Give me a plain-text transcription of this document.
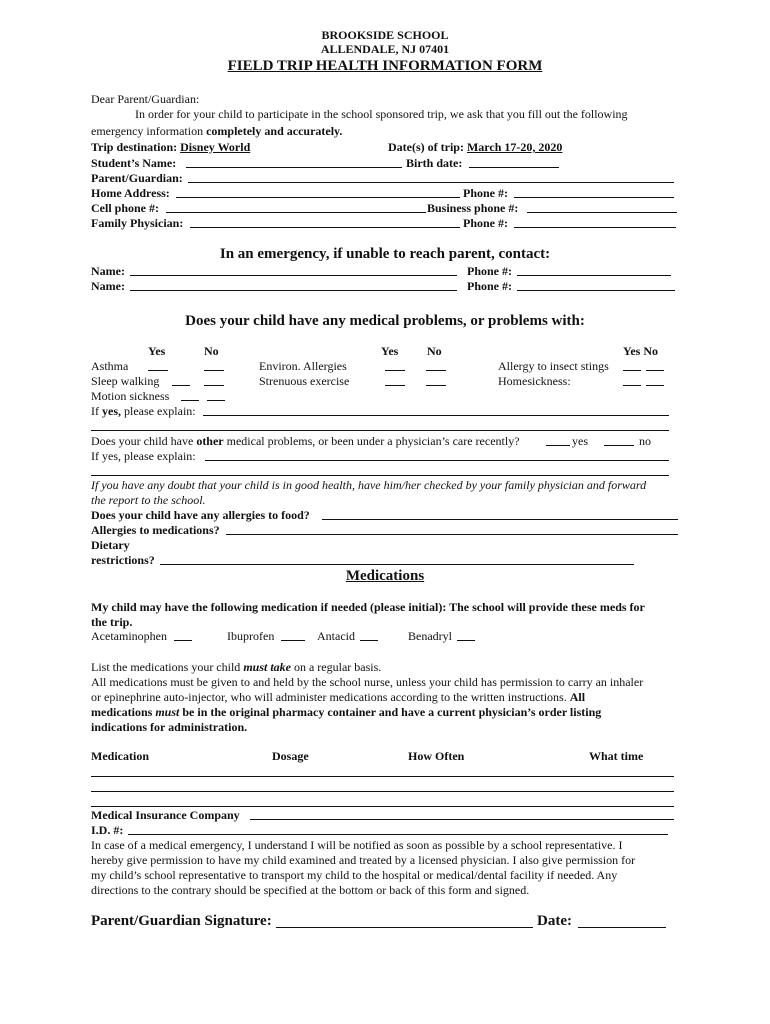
BROOKSIDE SCHOOL
ALLENDALE, NJ 07401
FIELD TRIP HEALTH INFORMATION FORM
Dear Parent/Guardian:
In order for your child to participate in the school sponsored trip, we ask that you fill out the following
emergency information completely and accurately.
Trip destination: Disney World	Date(s) of trip: March 17-20, 2020
Student’s Name:	Birth date:
Parent/Guardian:
Home Address:	Phone #:
Cell phone #:	Business phone #:
Family Physician:	Phone #:
In an emergency, if unable to reach parent, contact:
Name:	Phone #:
Name:	Phone #:
Does your child have any medical problems, or problems with:
Yes	No	Yes No	Yes No
Asthma	Environ. Allergies	Allergy to insect stings
Sleep walking	Strenuous exercise	Homesickness:
Motion sickness
If yes, please explain:
Does your child have other medical problems, or been under a physician’s care recently?	yes	no
If yes, please explain:
If you have any doubt that your child is in good health, have him/her checked by your family physician and forward
the report to the school.
Does your child have any allergies to food?
Allergies to medications?
Dietary
restrictions?
Medications
My child may have the following medication if needed (please initial): The school will provide these meds for
the trip.
Acetaminophen	Ibuprofen	Antacid	Benadryl
List the medications your child must take on a regular basis.
All medications must be given to and held by the school nurse, unless your child has permission to carry an inhaler
or epinephrine auto-injector, who will administer medications according to the written instructions. All
medications must be in the original pharmacy container and have a current physician’s order listing
indications for administration.
Medication	Dosage	How Often	What time
Medical Insurance Company
I.D. #:
In case of a medical emergency, I understand I will be notified as soon as possible by a school representative. I
hereby give permission to have my child examined and treated by a licensed physician. I also give permission for
my child’s school representative to transport my child to the hospital or medical/dental facility if needed. Any
directions to the contrary should be specified at the bottom or back of this form and signed.
Parent/Guardian Signature:	Date:
